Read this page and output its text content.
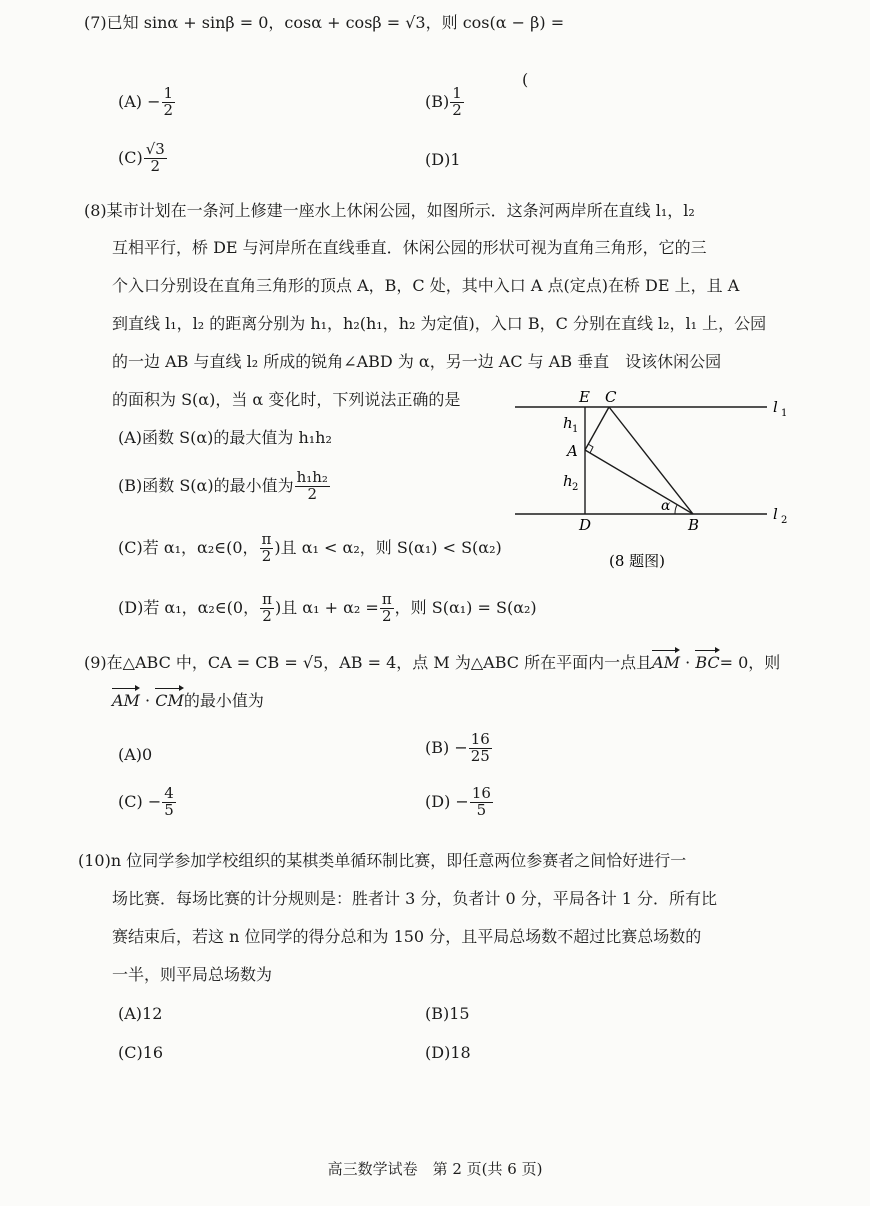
(7)已知 sinα + sinβ = 0，cosα + cosβ = √3，则 cos(α − β) =
(
$(A) - \frac{1}{2}$	$(B) \frac{1}{2}$
$(C) \frac{√3}{2}$	(D)1
(8)某市计划在一条河上修建一座水上休闲公园，如图所示．这条河两岸所在直线 l₁，l₂
互相平行，桥 DE 与河岸所在直线垂直．休闲公园的形状可视为直角三角形，它的三
个入口分别设在直角三角形的顶点 A，B，C 处，其中入口 A 点(定点)在桥 DE 上，且 A
到直线 l₁，l₂ 的距离分别为 h₁，h₂(h₁，h₂ 为定值)，入口 B，C 分别在直线 l₂，l₁ 上，公园
的一边 AB 与直线 l₂ 所成的锐角∠ABD 为 α，另一边 AC 与 AB 垂直　设该休闲公园
的面积为 S(α)，当 α 变化时，下列说法正确的是
(A)函数 S(α)的最大值为 h₁h₂
(B)函数 S(α)的最小值为 $\frac{\text{h₁h₂}}{2}$
(C)若 α₁，α₂∈(0， $\frac{\pi}{2}$ )且 α₁ < α₂，则 S(α₁) < S(α₂)
(D)若 α₁，α₂∈(0， $\frac{\pi}{2}$ )且 $\alpha_1 + \alpha_2 = \frac{\pi}{2}$ ，则 S(α₁) = S(α₂)
E C
l 1
h 1
A
h 2
α
D	B
l 2
(8 题图)
(9)在△ABC 中，CA = CB = √5，AB = 4，点 M 为△ABC 所在平面内一点且AM · BC= 0，则
AM · CM的最小值为
(A)0	$(B) - \frac{16}{25}$
$(C) - \frac{4}{5}$	$(D) - \frac{16}{5}$
(10)n 位同学参加学校组织的某棋类单循环制比赛，即任意两位参赛者之间恰好进行一
场比赛．每场比赛的计分规则是：胜者计 3 分，负者计 0 分，平局各计 1 分．所有比
赛结束后，若这 n 位同学的得分总和为 150 分，且平局总场数不超过比赛总场数的
一半，则平局总场数为
(A)12	(B)15
(C)16	(D)18
高三数学试卷　第 2 页(共 6 页)
